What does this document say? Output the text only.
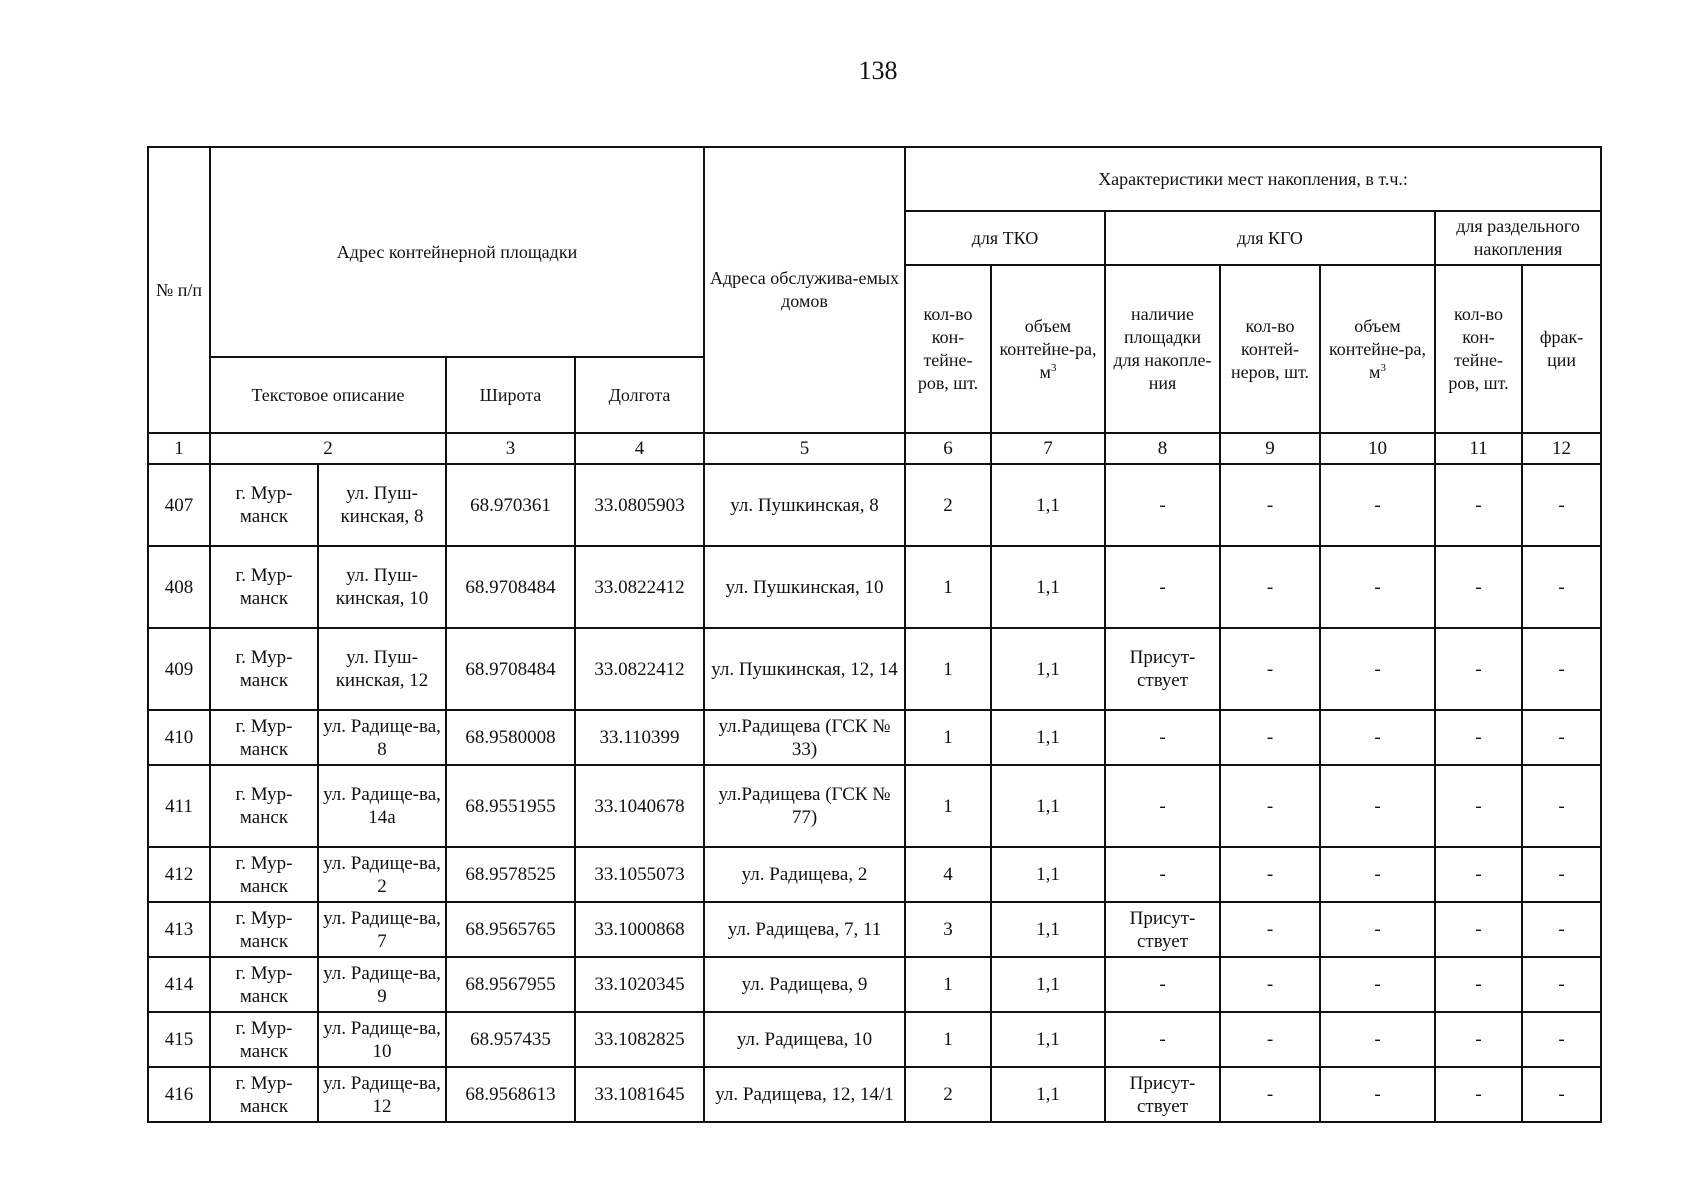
138
№ п/п	Адрес контейнерной площадки				Адреса обслужива-емых домов	Характеристики мест накопления, в т.ч.:						
						для ТКО		для КГО			для раздельного накопления	
						кол-во кон-тейне-ров, шт.	объем контейне-ра, $м^3$	наличие площадки для накопле-ния	кол-во контей-неров, шт.	объем контейне-ра, $м^3$	кол-во кон-тейне-ров, шт.	фрак-ции
	Текстовое описание		Широта	Долгота								
1	2		3	4	5	6	7	8	9	10	11	12
407	г. Мур-манск	ул. Пуш-кинская, 8	68.970361	33.0805903	ул. Пушкинская, 8	2	1,1	-	-	-	-	-
408	г. Мур-манск	ул. Пуш-кинская, 10	68.9708484	33.0822412	ул. Пушкинская, 10	1	1,1	-	-	-	-	-
409	г. Мур-манск	ул. Пуш-кинская, 12	68.9708484	33.0822412	ул. Пушкинская, 12, 14	1	1,1	Присут-ствует	-	-	-	-
410	г. Мур-манск	ул. Радище-ва, 8	68.9580008	33.110399	ул.Радищева (ГСК № 33)	1	1,1	-	-	-	-	-
411	г. Мур-манск	ул. Радище-ва, 14а	68.9551955	33.1040678	ул.Радищева (ГСК № 77)	1	1,1	-	-	-	-	-
412	г. Мур-манск	ул. Радище-ва, 2	68.9578525	33.1055073	ул. Радищева, 2	4	1,1	-	-	-	-	-
413	г. Мур-манск	ул. Радище-ва, 7	68.9565765	33.1000868	ул. Радищева, 7, 11	3	1,1	Присут-ствует	-	-	-	-
414	г. Мур-манск	ул. Радище-ва, 9	68.9567955	33.1020345	ул. Радищева, 9	1	1,1	-	-	-	-	-
415	г. Мур-манск	ул. Радище-ва, 10	68.957435	33.1082825	ул. Радищева, 10	1	1,1	-	-	-	-	-
416	г. Мур-манск	ул. Радище-ва, 12	68.9568613	33.1081645	ул. Радищева, 12, 14/1	2	1,1	Присут-ствует	-	-	-	-
